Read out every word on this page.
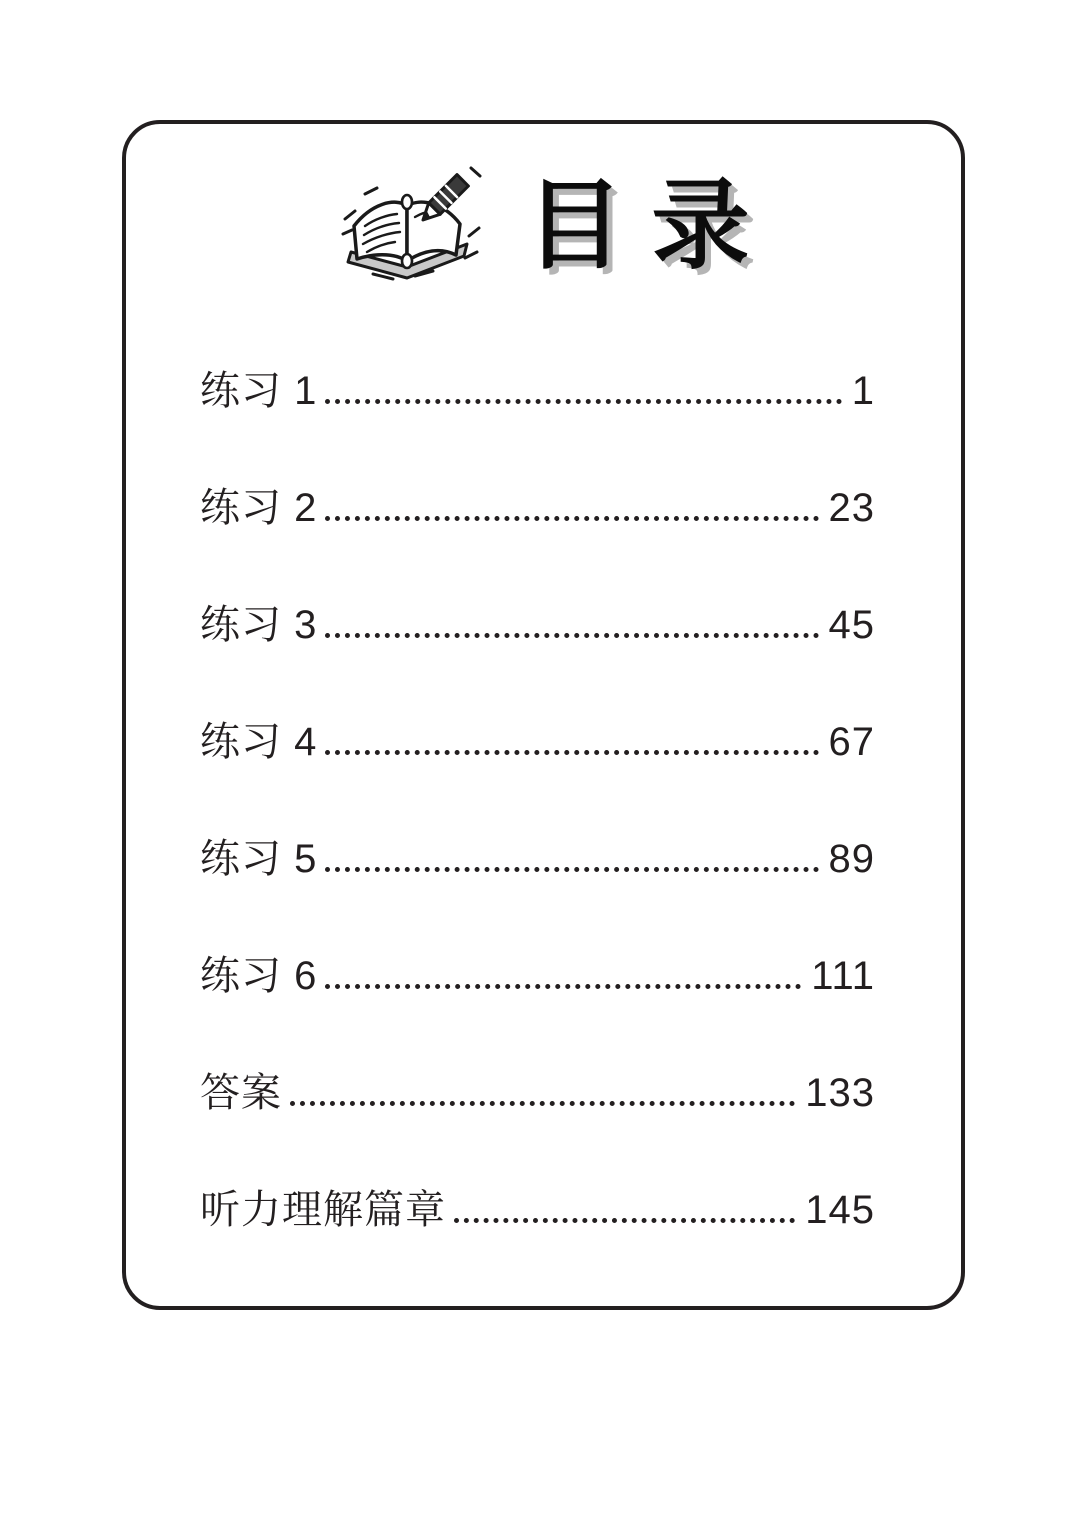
目录
练习 1	1
练习 2	23
练习 3	45
练习 4	67
练习 5	89
练习 6	111
答案	133
听力理解篇章	145
